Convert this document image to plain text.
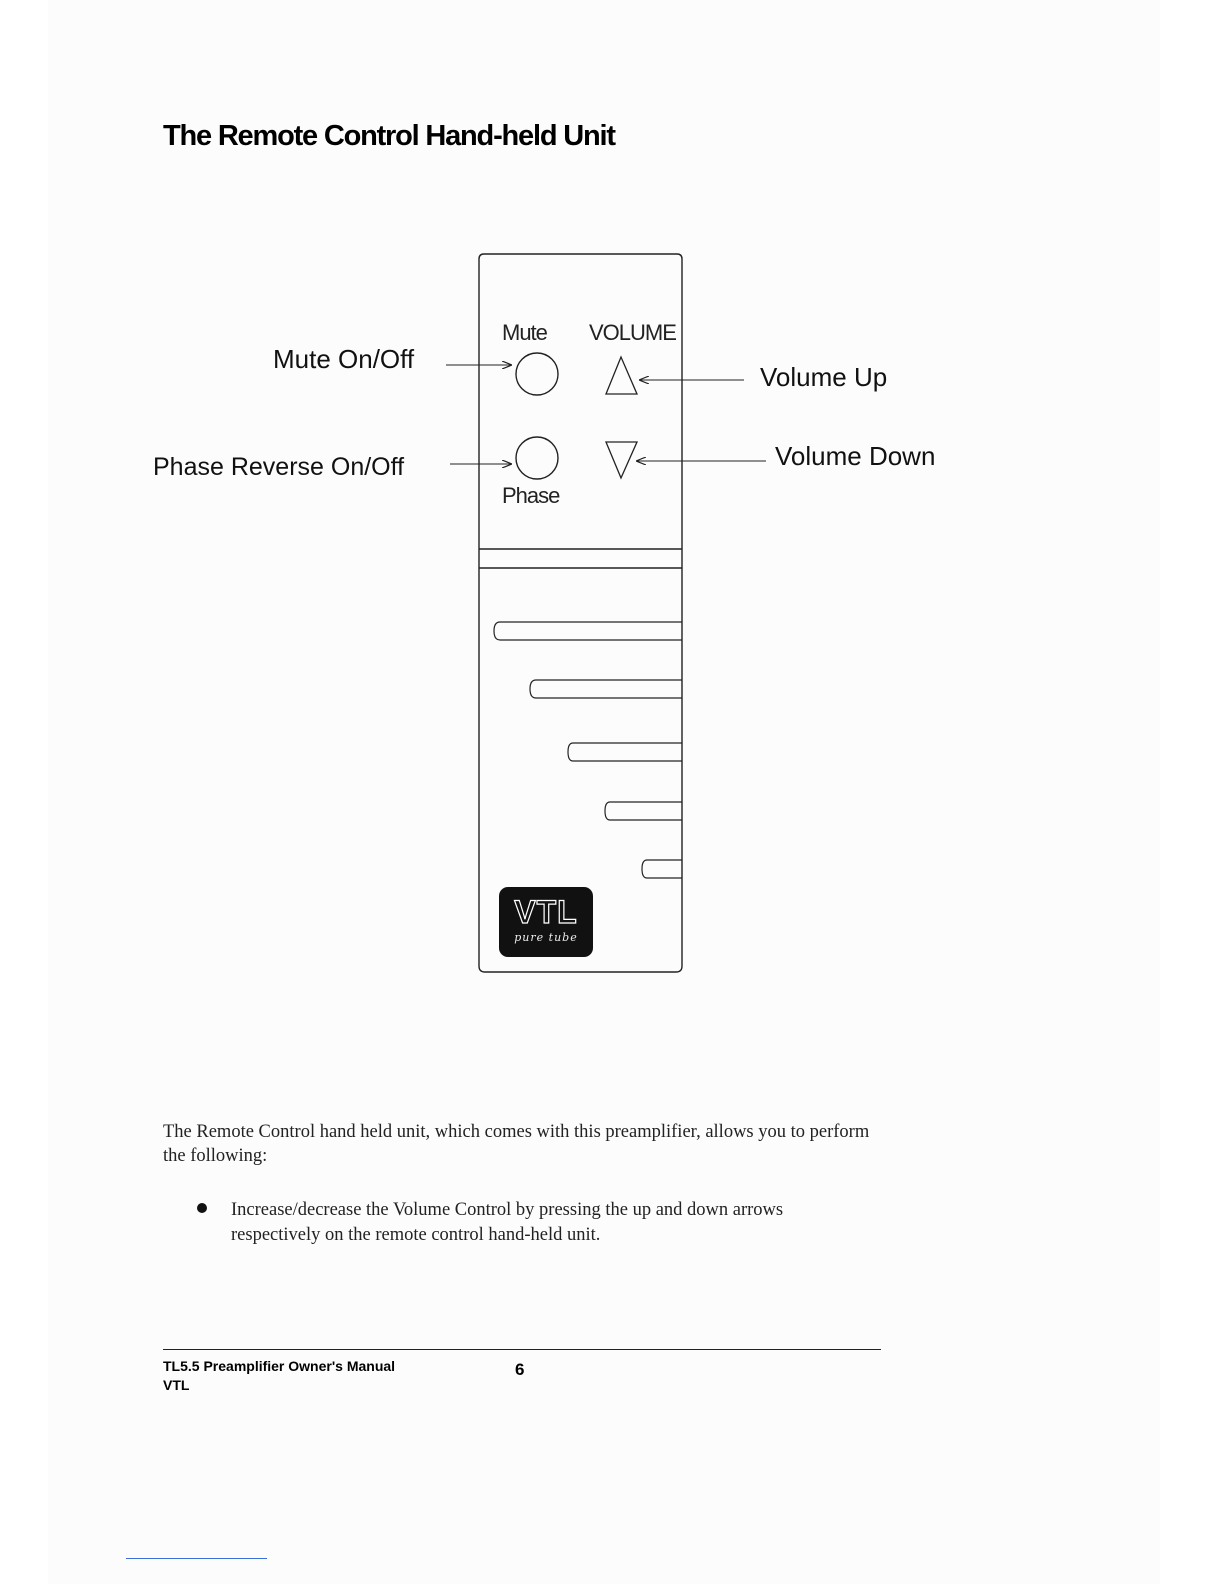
The Remote Control Hand-held Unit
Mute On/Off
Phase Reverse On/Off
Volume Up
Volume Down
Mute VOLUME
Phase
VTL
pure tube

The Remote Control hand held unit, which comes with this preamplifier, allows you to perform the following:

Increase/decrease the Volume Control by pressing the up and down arrows respectively on the remote control hand-held unit.

TL5.5 Preamplifier Owner's Manual
VTL
6
